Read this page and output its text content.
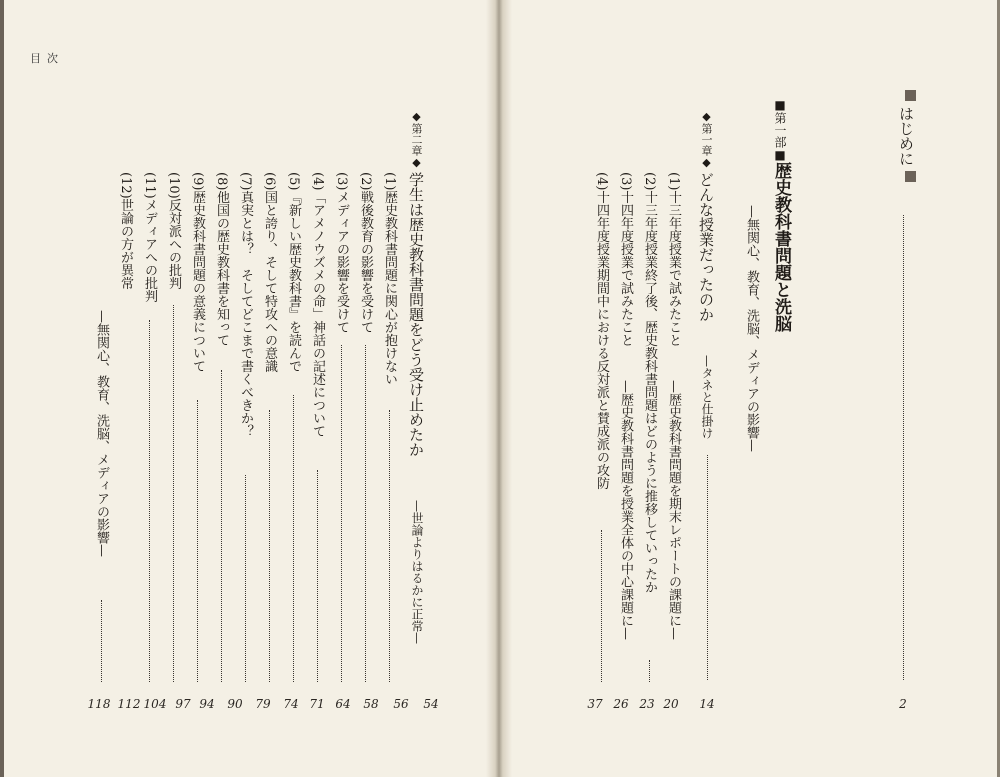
目次
はじめに
2
■第一部■
歴史教科書問題と洗脳
—無関心、教育、洗脳、メディアの影響—
◆第一章◆
どんな授業だったのか
—タネと仕掛け
14
(1)十三年度授業で試みたこと
—歴史教科書問題を期末レポートの課題に—
20
(2)十三年度授業終了後、歴史教科書問題はどのように推移していったか
23
(3)十四年度授業で試みたこと
—歴史教科書問題を授業全体の中心課題に—
26
(4)十四年度授業期間中における反対派と賛成派の攻防
37
◆第二章◆
学生は歴史教科書問題をどう受け止めたか
—世論よりはるかに正常—
54
(1)歴史教科書問題に関心が抱けない
56
(2)戦後教育の影響を受けて
58
(3)メディアの影響を受けて
64
(4)「アメノウズメの命」神話の記述について
71
(5)『新しい歴史教科書』を読んで
74
(6)国と誇り、そして特攻への意識
79
(7)真実とは？　そしてどこまで書くべきか？
90
(8)他国の歴史教科書を知って
94
(9)歴史教科書問題の意義について
97
(10)反対派への批判
104
(11)メディアへの批判
112
(12)世論の方が異常
—無関心、教育、洗脳、メディアの影響—
118
